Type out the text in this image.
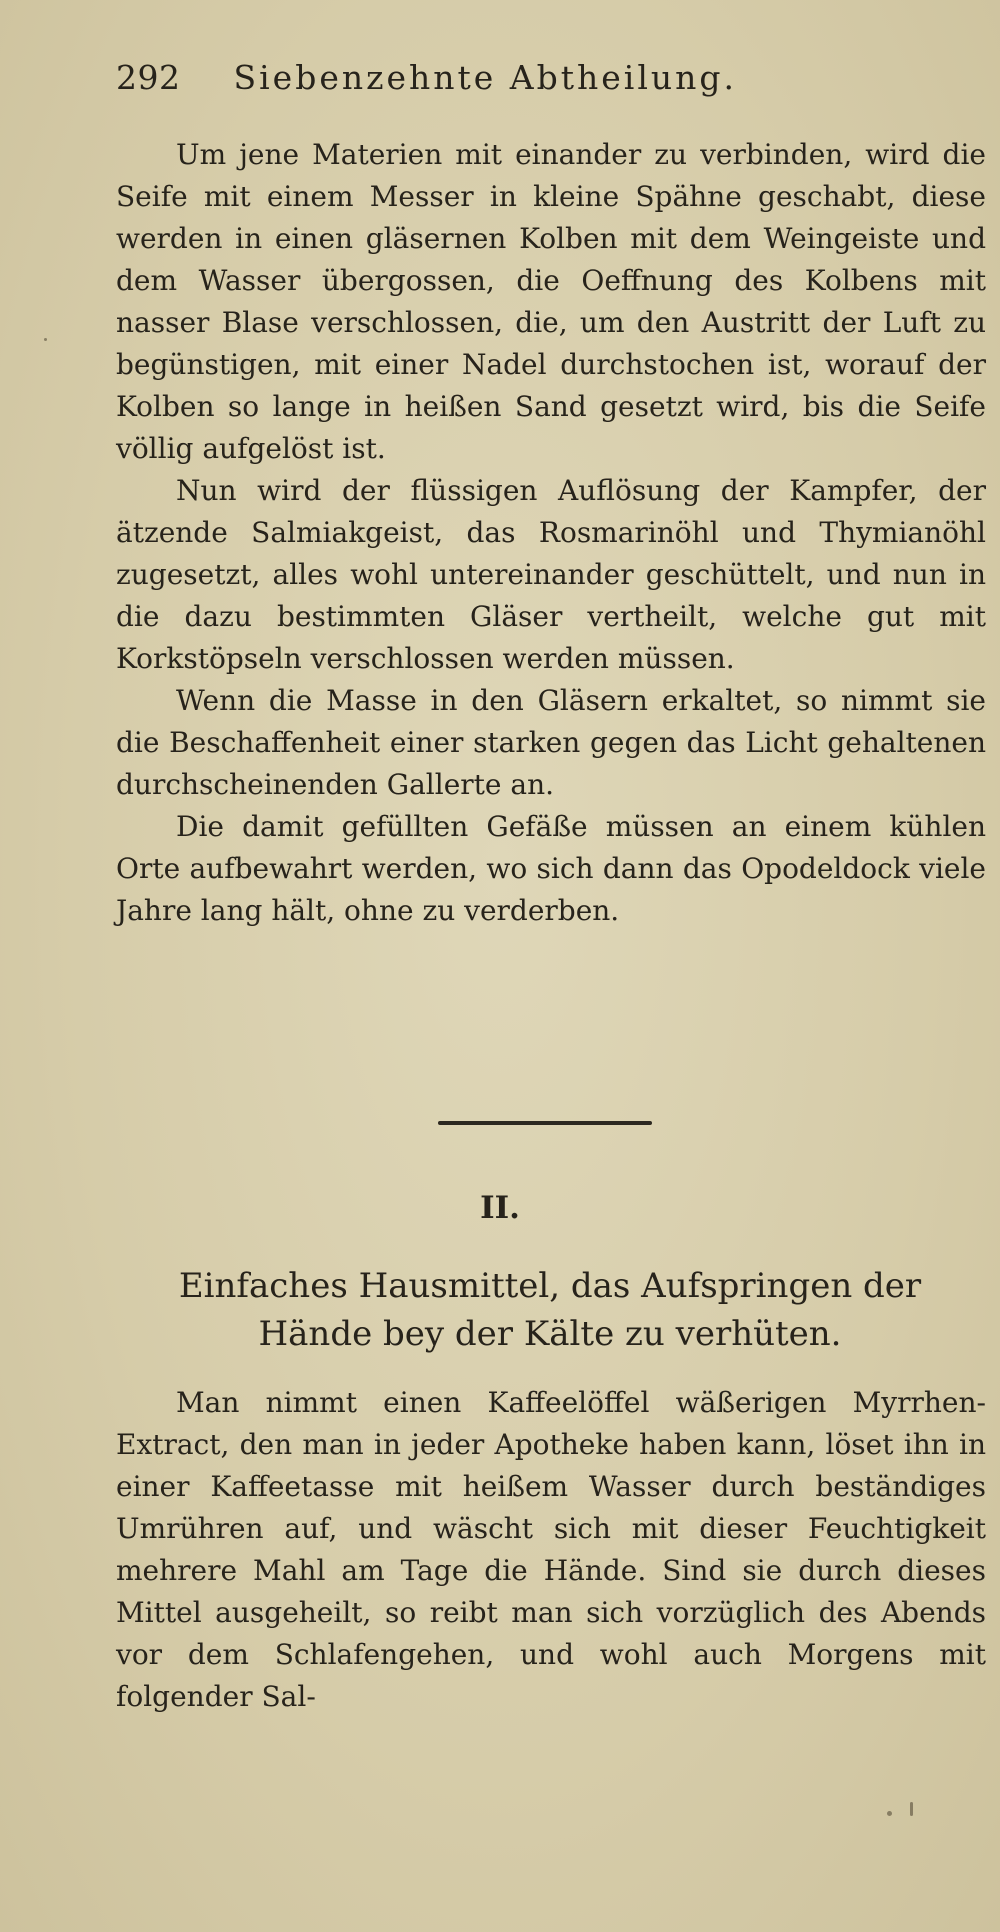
292 Siebenzehnte Abtheilung.

Um jene Materien mit einander zu verbinden, wird die Seife mit einem Messer in kleine Spähne geschabt, diese werden in einen gläsernen Kolben mit dem Weingeiste und dem Wasser übergossen, die Oeffnung des Kolbens mit nasser Blase verschlossen, die, um den Austritt der Luft zu begünstigen, mit einer Nadel durchstochen ist, worauf der Kolben so lange in heißen Sand gesetzt wird, bis die Seife völlig aufgelöst ist.

Nun wird der flüssigen Auflösung der Kampfer, der ätzende Salmiakgeist, das Rosmarinöhl und Thymianöhl zugesetzt, alles wohl untereinander geschüttelt, und nun in die dazu bestimmten Gläser vertheilt, welche gut mit Korkstöpseln verschlossen werden müssen.

Wenn die Masse in den Gläsern erkaltet, so nimmt sie die Beschaffenheit einer starken gegen das Licht gehaltenen durchscheinenden Gallerte an.

Die damit gefüllten Gefäße müssen an einem kühlen Orte aufbewahrt werden, wo sich dann das Opodeldock viele Jahre lang hält, ohne zu verderben.

II.
Einfaches Hausmittel, das Aufspringen der
Hände bey der Kälte zu verhüten.

Man nimmt einen Kaffeelöffel wäßerigen Myrrhen-Extract, den man in jeder Apotheke haben kann, löset ihn in einer Kaffeetasse mit heißem Wasser durch beständiges Umrühren auf, und wäscht sich mit dieser Feuchtigkeit mehrere Mahl am Tage die Hände. Sind sie durch dieses Mittel ausgeheilt, so reibt man sich vorzüglich des Abends vor dem Schlafengehen, und wohl auch Morgens mit folgender Sal-
